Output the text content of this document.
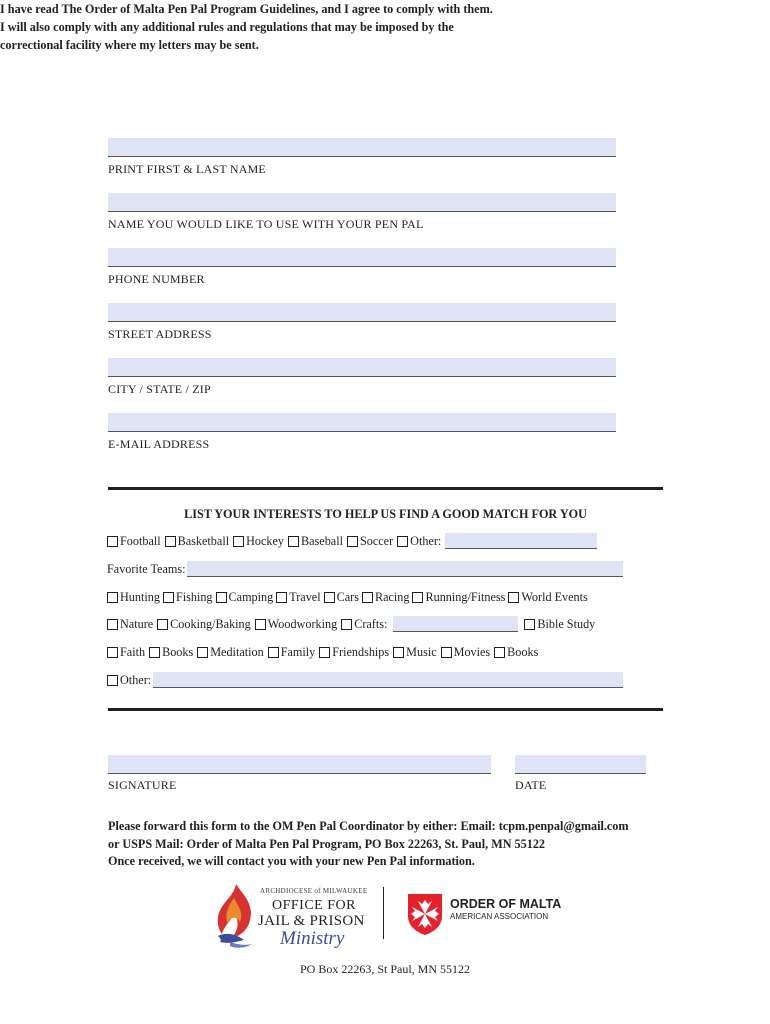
I have read The Order of Malta Pen Pal Program Guidelines, and I agree to comply with them.
I will also comply with any additional rules and regulations that may be imposed by the
correctional facility where my letters may be sent.
PRINT FIRST & LAST NAME
NAME YOU WOULD LIKE TO USE WITH YOUR PEN PAL
PHONE NUMBER
STREET ADDRESS
CITY / STATE / ZIP
E-MAIL ADDRESS
LIST YOUR INTERESTS TO HELP US FIND A GOOD MATCH FOR YOU
Football Basketball Hockey Baseball Soccer Other:
Favorite Teams:
Hunting Fishing Camping Travel Cars Racing Running/Fitness World Events
Nature Cooking/Baking Woodworking Crafts:	Bible Study
Faith Books Meditation Family Friendships Music Movies Books
Other:
SIGNATURE	DATE
Please forward this form to the OM Pen Pal Coordinator by either: Email: tcpm.penpal@gmail.com
or USPS Mail: Order of Malta Pen Pal Program, PO Box 22263, St. Paul, MN 55122
Once received, we will contact you with your new Pen Pal information.
ARCHDIOCESE of MILWAUKEE
OFFICE FOR
JAIL & PRISON
Ministry
ORDER OF MALTA
AMERICAN ASSOCIATION
PO Box 22263, St Paul, MN 55122
